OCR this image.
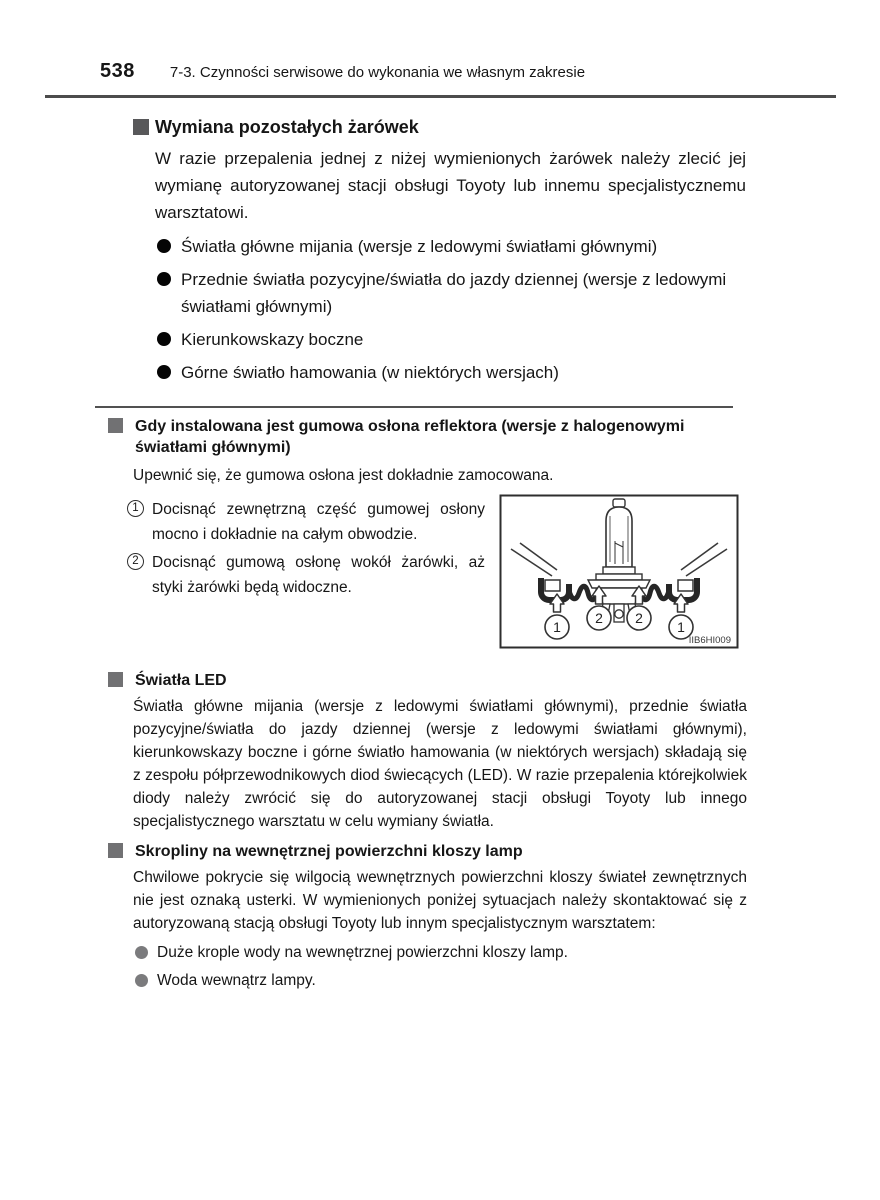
538 7-3. Czynności serwisowe do wykonania we własnym zakresie
Wymiana pozostałych żarówek

W razie przepalenia jednej z niżej wymienionych żarówek należy zlecić jej wymianę autoryzowanej stacji obsługi Toyoty lub innemu specjalistycznemu warsztatowi.

Światła główne mijania (wersje z ledowymi światłami głównymi)
Przednie światła pozycyjne/światła do jazdy dziennej (wersje z ledowymi światłami głównymi)
Kierunkowskazy boczne
Górne światło hamowania (w niektórych wersjach)
Gdy instalowana jest gumowa osłona reflektora (wersje z halogenowymi światłami głównymi)

Upewnić się, że gumowa osłona jest dokładnie zamocowana.

1 Docisnąć zewnętrzną część gumowej osłony mocno i dokładnie na całym obwodzie.
2 Docisnąć gumową osłonę wokół żarówki, aż styki żarówki będą widoczne.
1
2 2
1
IIB6HI009
Światła LED

Światła główne mijania (wersje z ledowymi światłami głównymi), przednie światła pozycyjne/światła do jazdy dziennej (wersje z ledowymi światłami głównymi), kierunkowskazy boczne i górne światło hamowania (w niektórych wersjach) składają się z zespołu półprzewodnikowych diod świecących (LED). W razie przepalenia którejkolwiek diody należy zwrócić się do autoryzowanej stacji obsługi Toyoty lub innego specjalistycznego warsztatu w celu wymiany światła.

Skropliny na wewnętrznej powierzchni kloszy lamp

Chwilowe pokrycie się wilgocią wewnętrznych powierzchni kloszy świateł zewnętrznych nie jest oznaką usterki. W wymienionych poniżej sytuacjach należy skontaktować się z autoryzowaną stacją obsługi Toyoty lub innym specjalistycznym warsztatem:

Duże krople wody na wewnętrznej powierzchni kloszy lamp.
Woda wewnątrz lampy.
